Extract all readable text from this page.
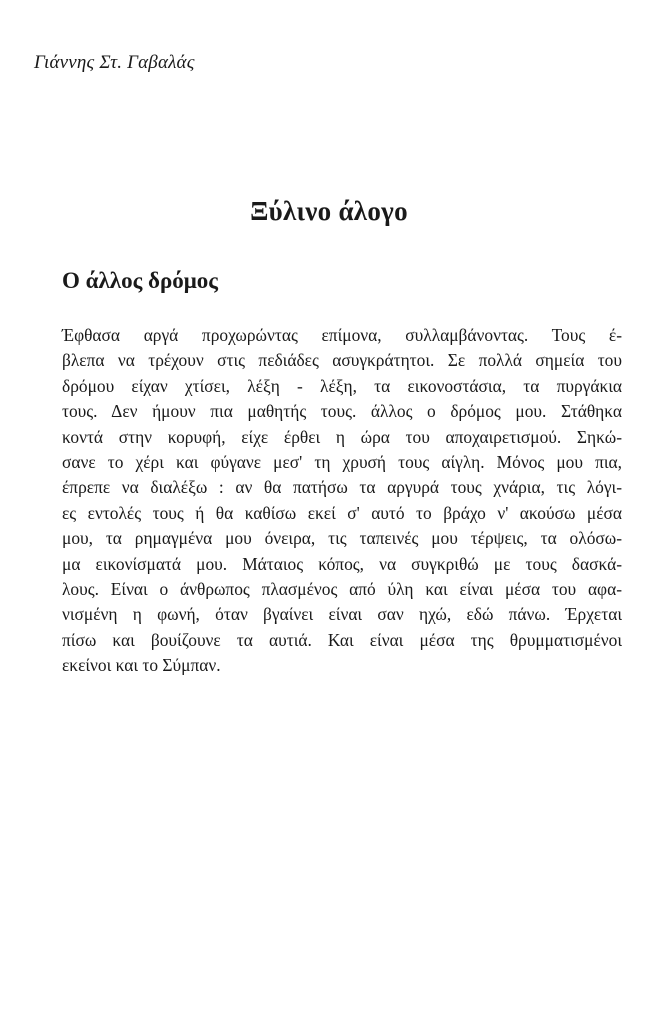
Γιάννης Στ. Γαβαλάς
Ξύλινο άλογο
Ο άλλος δρόμος
Έφθασα αργά προχωρώντας επίμονα, συλλαμβάνοντας. Τους έ-
βλεπα να τρέχουν στις πεδιάδες ασυγκράτητοι. Σε πολλά σημεία του
δρόμου είχαν χτίσει, λέξη - λέξη, τα εικονοστάσια, τα πυργάκια
τους. Δεν ήμουν πια μαθητής τους. άλλος ο δρόμος μου. Στάθηκα
κοντά στην κορυφή, είχε έρθει η ώρα του αποχαιρετισμού. Σηκώ-
σανε το χέρι και φύγανε μεσ' τη χρυσή τους αίγλη. Μόνος μου πια,
έπρεπε να διαλέξω : αν θα πατήσω τα αργυρά τους χνάρια, τις λόγι-
ες εντολές τους ή θα καθίσω εκεί σ' αυτό το βράχο ν' ακούσω μέσα
μου, τα ρημαγμένα μου όνειρα, τις ταπεινές μου τέρψεις, τα ολόσω-
μα εικονίσματά μου. Μάταιος κόπος, να συγκριθώ με τους δασκά-
λους. Είναι ο άνθρωπος πλασμένος από ύλη και είναι μέσα του αφα-
νισμένη η φωνή, όταν βγαίνει είναι σαν ηχώ, εδώ πάνω. Έρχεται
πίσω και βουίζουνε τα αυτιά. Και είναι μέσα της θρυμματισμένοι
εκείνοι και το Σύμπαν.
